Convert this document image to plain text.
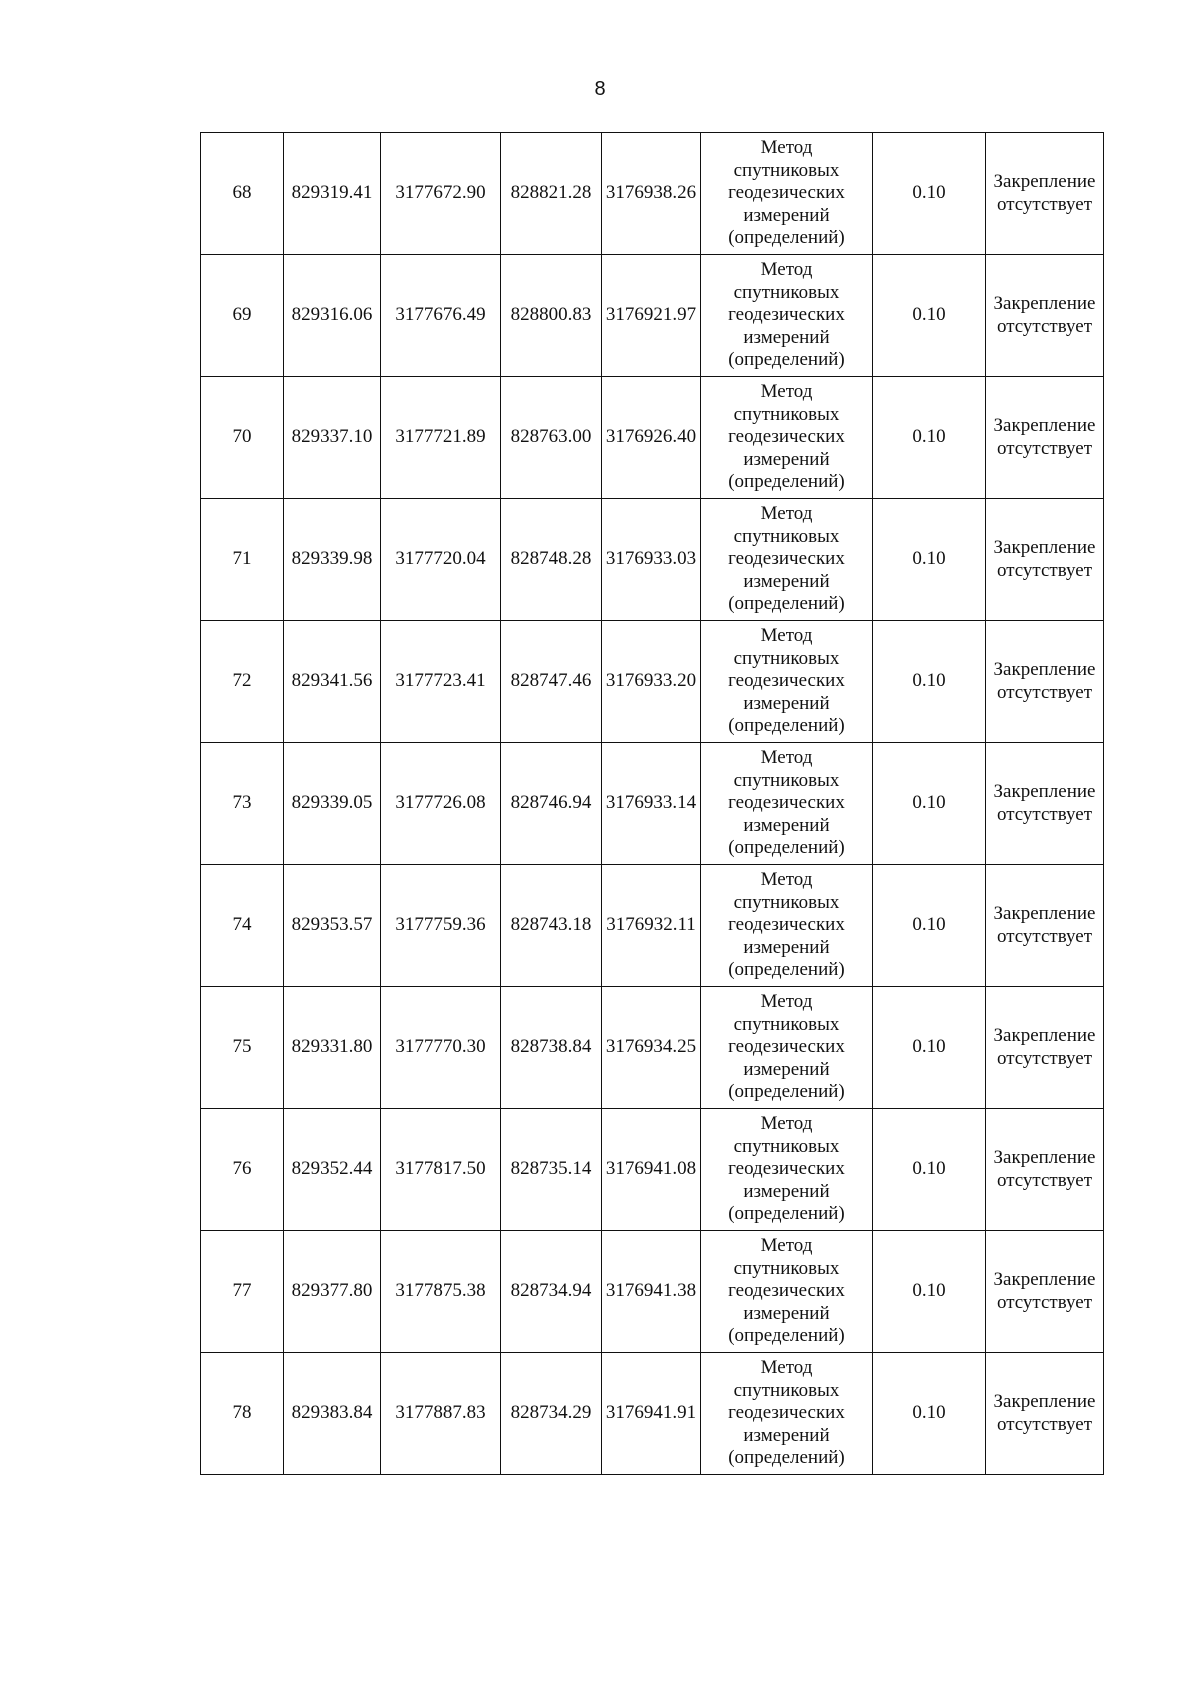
8
68	829319.41	3177672.90	828821.28	3176938.26	Метод
спутниковых
геодезических
измерений
(определений)	0.10	Закрепление
отсутствует

69	829316.06	3177676.49	828800.83	3176921.97	Метод
спутниковых
геодезических
измерений
(определений)	0.10	Закрепление
отсутствует

70	829337.10	3177721.89	828763.00	3176926.40	Метод
спутниковых
геодезических
измерений
(определений)	0.10	Закрепление
отсутствует

71	829339.98	3177720.04	828748.28	3176933.03	Метод
спутниковых
геодезических
измерений
(определений)	0.10	Закрепление
отсутствует

72	829341.56	3177723.41	828747.46	3176933.20	Метод
спутниковых
геодезических
измерений
(определений)	0.10	Закрепление
отсутствует

73	829339.05	3177726.08	828746.94	3176933.14	Метод
спутниковых
геодезических
измерений
(определений)	0.10	Закрепление
отсутствует

74	829353.57	3177759.36	828743.18	3176932.11	Метод
спутниковых
геодезических
измерений
(определений)	0.10	Закрепление
отсутствует

75	829331.80	3177770.30	828738.84	3176934.25	Метод
спутниковых
геодезических
измерений
(определений)	0.10	Закрепление
отсутствует

76	829352.44	3177817.50	828735.14	3176941.08	Метод
спутниковых
геодезических
измерений
(определений)	0.10	Закрепление
отсутствует

77	829377.80	3177875.38	828734.94	3176941.38	Метод
спутниковых
геодезических
измерений
(определений)	0.10	Закрепление
отсутствует

78	829383.84	3177887.83	828734.29	3176941.91	Метод
спутниковых
геодезических
измерений
(определений)	0.10	Закрепление
отсутствует
